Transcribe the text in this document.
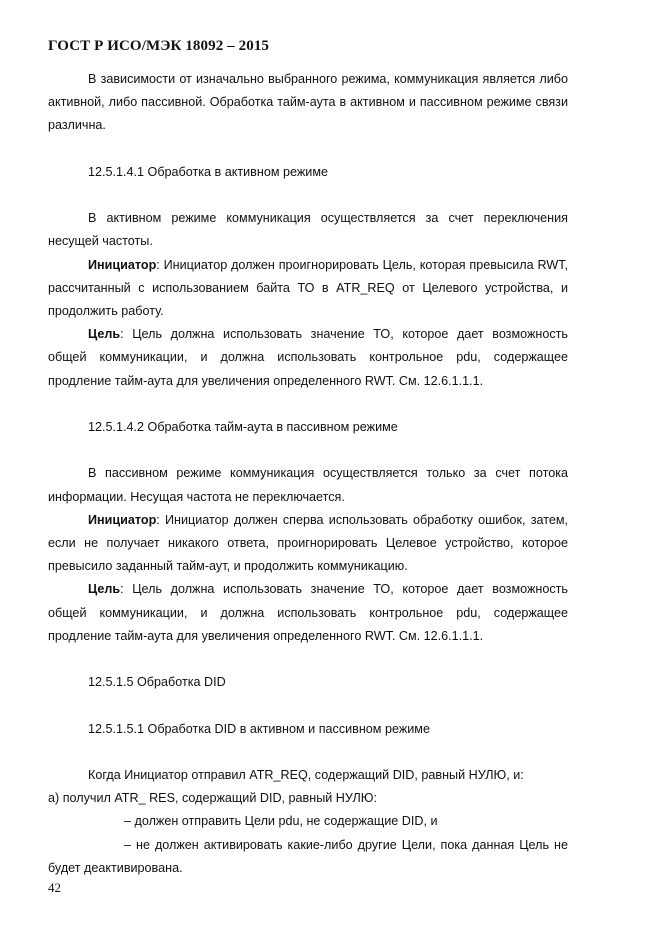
ГОСТ Р ИСО/МЭК 18092 – 2015

В зависимости от изначально выбранного режима, коммуникация является либо активной, либо пассивной. Обработка тайм-аута в активном и пассивном режиме связи различна.

12.5.1.4.1 Обработка в активном режиме

В активном режиме коммуникация осуществляется за счет переключения несущей частоты.

Инициатор: Инициатор должен проигнорировать Цель, которая превысила RWT, рассчитанный с использованием байта ТО в ATR_REQ от Целевого устройства, и продолжить работу.

Цель: Цель должна использовать значение ТО, которое дает возможность общей коммуникации, и должна использовать контрольное pdu, содержащее продление тайм-аута для увеличения определенного RWT. См. 12.6.1.1.1.

12.5.1.4.2 Обработка тайм-аута в пассивном режиме

В пассивном режиме коммуникация осуществляется только за счет потока информации. Несущая частота не переключается.

Инициатор: Инициатор должен сперва использовать обработку ошибок, затем, если не получает никакого ответа, проигнорировать Целевое устройство, которое превысило заданный тайм-аут, и продолжить коммуникацию.

Цель: Цель должна использовать значение ТО, которое дает возможность общей коммуникации, и должна использовать контрольное pdu, содержащее продление тайм-аута для увеличения определенного RWT. См. 12.6.1.1.1.

12.5.1.5 Обработка DID

12.5.1.5.1 Обработка DID в активном и пассивном режиме

Когда Инициатор отправил ATR_REQ, содержащий DID, равный НУЛЮ, и:

а) получил ATR_ RES, содержащий DID, равный НУЛЮ:

– должен отправить Цели pdu, не содержащие DID, и

– не должен активировать какие-либо другие Цели, пока данная Цель не будет деактивирована.

42
